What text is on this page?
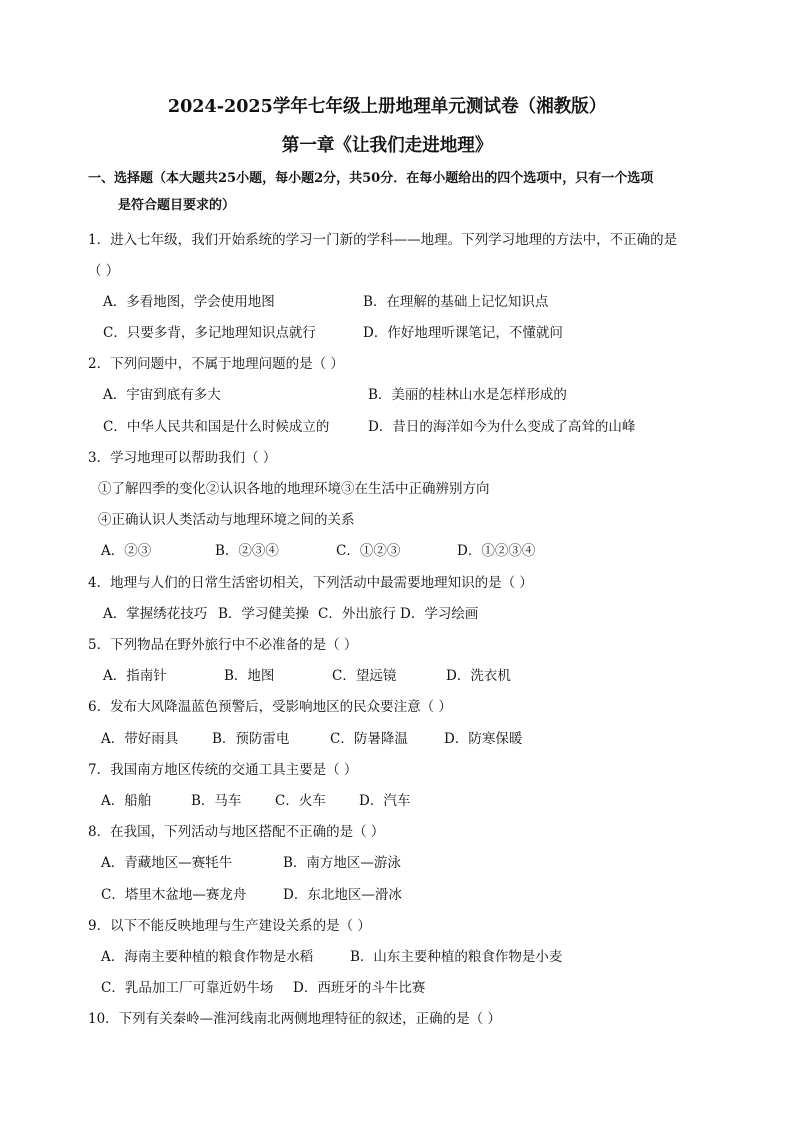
2024-2025学年七年级上册地理单元测试卷（湘教版）
第一章《让我们走进地理》
一、选择题（本大题共25小题，每小题2分，共50分．在每小题给出的四个选项中，只有一个选项
是符合题目要求的）
1．进入七年级，我们开始系统的学习一门新的学科——地理。下列学习地理的方法中，不正确的是
（ ）
A．多看地图，学会使用地图	B．在理解的基础上记忆知识点
C．只要多背，多记地理知识点就行	D．作好地理听课笔记，不懂就问
2．下列问题中，不属于地理问题的是（ ）
A．宇宙到底有多大	B．美丽的桂林山水是怎样形成的
C．中华人民共和国是什么时候成立的	D．昔日的海洋如今为什么变成了高耸的山峰
3．学习地理可以帮助我们（ ）
①了解四季的变化②认识各地的地理环境③在生活中正确辨别方向
④正确认识人类活动与地理环境之间的关系
A．②③	B．②③④	C．①②③	D．①②③④
4．地理与人们的日常生活密切相关，下列活动中最需要地理知识的是（ ）
A．掌握绣花技巧 B．学习健美操 C．外出旅行 D．学习绘画
5．下列物品在野外旅行中不必准备的是（ ）
A．指南针	B．地图	C．望远镜	D．洗衣机
6．发布大风降温蓝色预警后，受影响地区的民众要注意（ ）
A．带好雨具	B．预防雷电	C．防暑降温	D．防寒保暖
7．我国南方地区传统的交通工具主要是（ ）
A．船舶	B．马车 C．火车 D．汽车
8．在我国，下列活动与地区搭配不正确的是（ ）
A．青藏地区—赛牦牛	B．南方地区—游泳
C．塔里木盆地—赛龙舟	D．东北地区—滑冰
9．以下不能反映地理与生产建设关系的是（ ）
A．海南主要种植的粮食作物是水稻	B．山东主要种植的粮食作物是小麦
C．乳品加工厂可靠近奶牛场 D．西班牙的斗牛比赛
10．下列有关秦岭—淮河线南北两侧地理特征的叙述，正确的是（ ）
